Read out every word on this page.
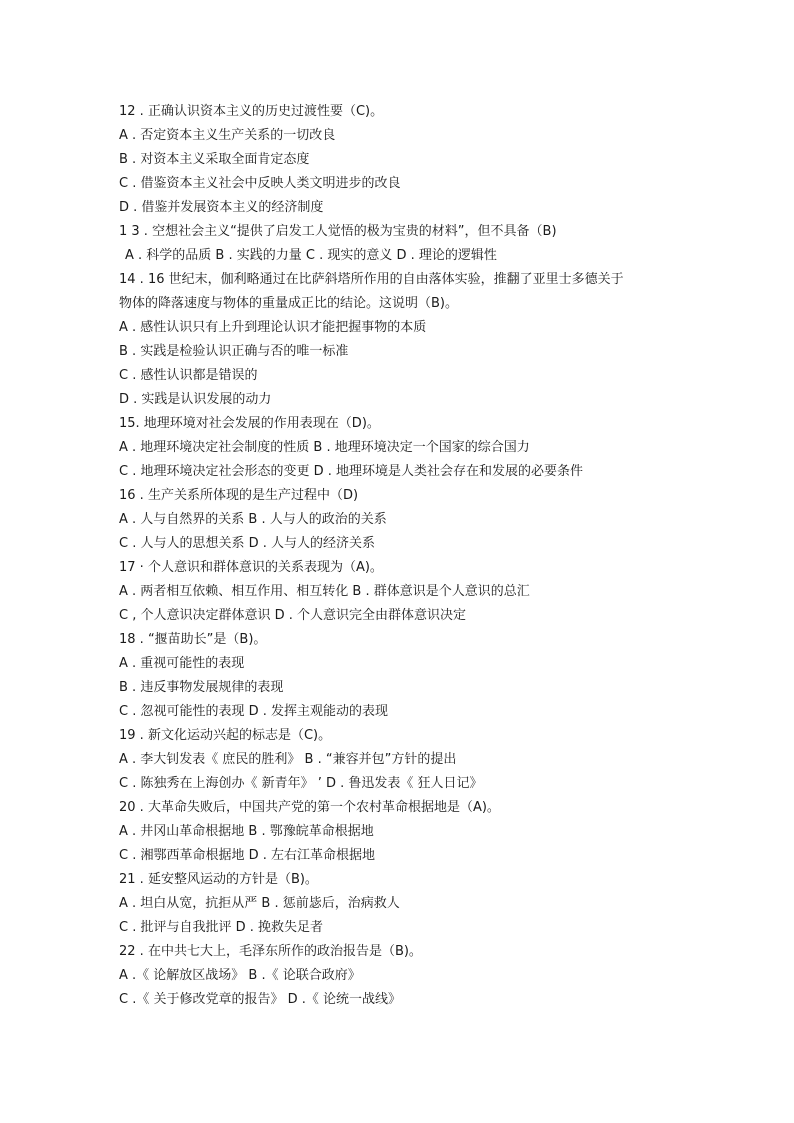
12 . 正确认识资本主义的历史过渡性要（C)。
A . 否定资本主义生产关系的一切改良
B . 对资本主义采取全面肯定态度
C . 借鉴资本主义社会中反映人类文明进步的改良
D . 借鉴并发展资本主义的经济制度
1 3 . 空想社会主义“提供了启发工人觉悟的极为宝贵的材料”，但不具备（B)
A . 科学的品质 B . 实践的力量 C . 现实的意义 D . 理论的逻辑性
14 . 16 世纪末，伽利略通过在比萨斜塔所作用的自由落体实验，推翻了亚里士多德关于
物体的降落速度与物体的重量成正比的结论。这说明（B)。
A . 感性认识只有上升到理论认识才能把握事物的本质
B . 实践是检验认识正确与否的唯一标准
C . 感性认识都是错误的
D . 实践是认识发展的动力
15. 地理环境对社会发展的作用表现在（D)。
A . 地理环境决定社会制度的性质 B . 地理环境决定一个国家的综合国力
C . 地理环境决定社会形态的变更 D . 地理环境是人类社会存在和发展的必要条件
16 . 生产关系所体现的是生产过程中（D)
A . 人与自然界的关系 B . 人与人的政治的关系
C . 人与人的思想关系 D . 人与人的经济关系
17 · 个人意识和群体意识的关系表现为（A)。
A . 两者相互依赖、相互作用、相互转化 B . 群体意识是个人意识的总汇
C , 个人意识决定群体意识 D . 个人意识完全由群体意识决定
18 . “揠苗助长”是（B)。
A . 重视可能性的表现
B . 违反事物发展规律的表现
C . 忽视可能性的表现 D . 发挥主观能动的表现
19 . 新文化运动兴起的标志是（C)。
A . 李大钊发表《 庶民的胜利》 B . “兼容并包”方针的提出
C . 陈独秀在上海创办《 新青年》 ’ D . 鲁迅发表《 狂人日记》
20 . 大革命失败后，中国共产党的第一个农村革命根据地是（A)。
A . 井冈山革命根据地 B . 鄂豫皖革命根据地
C . 湘鄂西革命根据地 D . 左右江革命根据地
21 . 延安整风运动的方针是（B)。
A . 坦白从宽，抗拒从严 B . 惩前毖后，治病救人
C . 批评与自我批评 D . 挽救失足者
22 . 在中共七大上，毛泽东所作的政治报告是（B)。
A .《 论解放区战场》 B .《 论联合政府》
C .《 关于修改党章的报告》 D .《 论统一战线》
